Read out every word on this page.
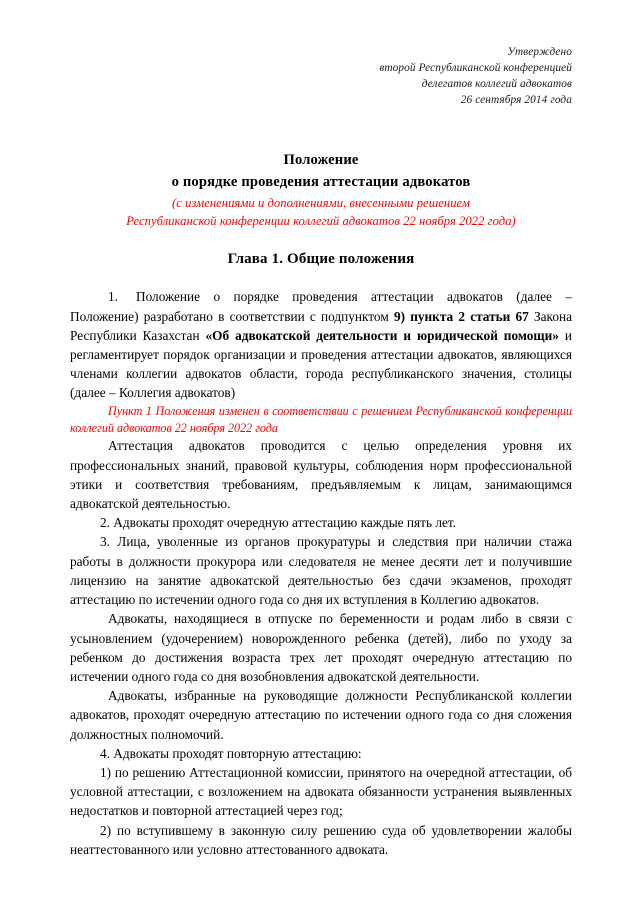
Утверждено
второй Республиканской конференцией
делегатов коллегий адвокатов
26 сентября 2014 года
Положение
о порядке проведения аттестации адвокатов
(с изменениями и дополнениями, внесенными решением
Республиканской конференции коллегий адвокатов 22 ноября 2022 года)
Глава 1. Общие положения

1. Положение о порядке проведения аттестации адвокатов (далее – Положение) разработано в соответствии с подпунктом 9) пункта 2 статьи 67 Закона Республики Казахстан «Об адвокатской деятельности и юридической помощи» и регламентирует порядок организации и проведения аттестации адвокатов, являющихся членами коллегии адвокатов области, города республиканского значения, столицы (далее – Коллегия адвокатов)

Пункт 1 Положения изменен в соответствии с решением Республиканской конференции коллегий адвокатов 22 ноября 2022 года

Аттестация адвокатов проводится с целью определения уровня их профессиональных знаний, правовой культуры, соблюдения норм профессиональной этики и соответствия требованиям, предъявляемым к лицам, занимающимся адвокатской деятельностью.

2. Адвокаты проходят очередную аттестацию каждые пять лет.

3. Лица, уволенные из органов прокуратуры и следствия при наличии стажа работы в должности прокурора или следователя не менее десяти лет и получившие лицензию на занятие адвокатской деятельностью без сдачи экзаменов, проходят аттестацию по истечении одного года со дня их вступления в Коллегию адвокатов.

Адвокаты, находящиеся в отпуске по беременности и родам либо в связи с усыновлением (удочерением) новорожденного ребенка (детей), либо по уходу за ребенком до достижения возраста трех лет проходят очередную аттестацию по истечении одного года со дня возобновления адвокатской деятельности.

Адвокаты, избранные на руководящие должности Республиканской коллегии адвокатов, проходят очередную аттестацию по истечении одного года со дня сложения должностных полномочий.

4. Адвокаты проходят повторную аттестацию:

1) по решению Аттестационной комиссии, принятого на очередной аттестации, об условной аттестации, с возложением на адвоката обязанности устранения выявленных недостатков и повторной аттестацией через год;

2) по вступившему в законную силу решению суда об удовлетворении жалобы неаттестованного или условно аттестованного адвоката.
